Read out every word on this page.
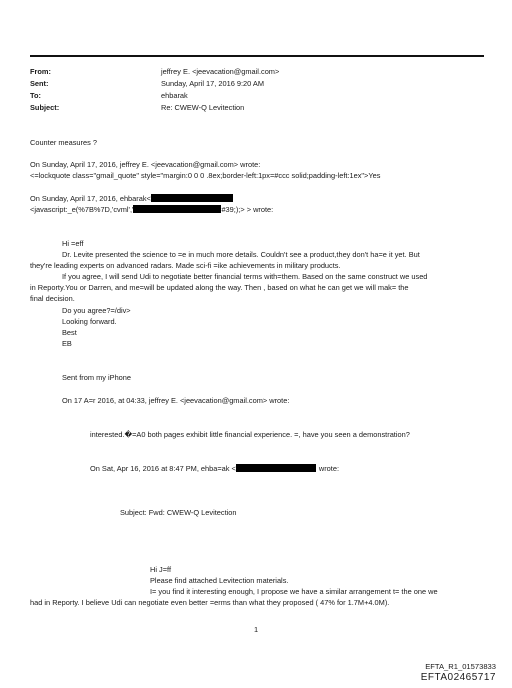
From:	jeffrey E. <jeevacation@gmail.com>
Sent:	Sunday, April 17, 2016 9:20 AM
To:	ehbarak
Subject:	Re: CWEW-Q Levitection
Counter measures ?
On Sunday, April 17, 2016, jeffrey E. <jeevacation@gmail.com> wrote:
<=lockquote class="gmail_quote" style="margin:0 0 0 .8ex;border-left:1px=#ccc solid;padding-left:1ex">Yes
On Sunday, April 17, 2016, ehbarak<
<javascript:_e(%7B%7D,'cvml','	#39;);> > wrote:
Hi =eff
Dr. Levite presented the science to =e in much more details. Couldn't see a product,they don't ha=e it yet. But
they're leading experts on advanced radars. Made sci-fi =ike achievements in military products.
If you agree, I will send Udi to negotiate better financial terms with=them. Based on the same construct we used
in Reporty.You or Darren, and me=will be updated along the way. Then , based on what he can get we will mak= the
final decision.
Do you agree?=/div>
Looking forward.
Best
EB
Sent from my iPhone
On 17 A=r 2016, at 04:33, jeffrey E. <jeevacation@gmail.com> wrote:
interested.�=A0 both pages exhibit little financial experience. =, have you seen a demonstration?
On Sat, Apr 16, 2016 at 8:47 PM, ehba=ak <	wrote:
Subject: Fwd: CWEW-Q Levitection
Hi J=ff
Please find attached Levitection materials.
I= you find it interesting enough, I propose we have a similar arrangement t= the one we
had in Reporty. I believe Udi can negotiate even better =erms than what they proposed ( 47% for 1.7M+4.0M).
1
EFTA_R1_01573833
EFTA02465717
